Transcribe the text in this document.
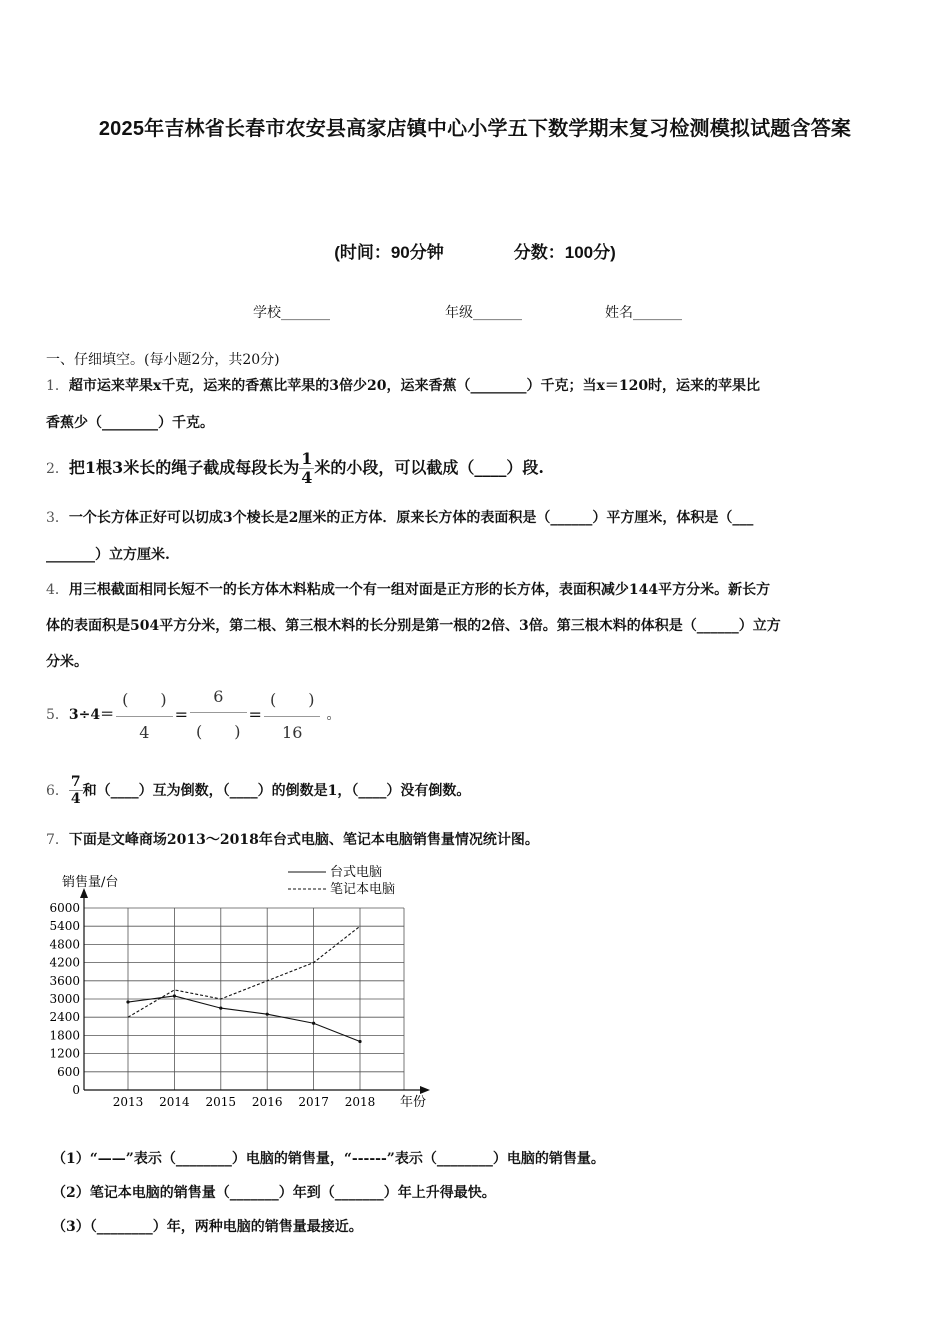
2025年吉林省长春市农安县高家店镇中心小学五下数学期末复习检测模拟试题含答案
(时间：90分钟	分数：100分)
学校_______	年级_______	姓名_______
一、仔细填空。(每小题2分，共20分)
1．超市运来苹果x千克，运来的香蕉比苹果的3倍少20，运来香蕉（________）千克；当x＝120时，运来的苹果比
香蕉少（________）千克。
2．把1根3米长的绳子截成每段长为 $\frac{1}{4}$ 米的小段，可以截成（____）段.
3．一个长方体正好可以切成3个棱长是2厘米的正方体．原来长方体的表面积是（______）平方厘米，体积是（___
_______）立方厘米.
4．用三根截面相同长短不一的长方体木料粘成一个有一组对面是正方形的长方体，表面积减少144平方分米。新长方
体的表面积是504平方分米，第二根、第三根木料的长分别是第一根的2倍、3倍。第三根木料的体积是（______）立方
分米。
5． $3\div 4= \frac{( )}{4} = \frac{6}{( )} = \frac{( )}{16}$ 。
6． $\frac{7}{4}$ 和（____）互为倒数，（____）的倒数是1，（____）没有倒数。
7．下面是文峰商场2013～2018年台式电脑、笔记本电脑销售量情况统计图。
0
600
1200
1800
2400
3000
3600
4200
4800
5400
6000
2013 2014 2015 2016 2017 2018
台式电脑
笔记本电脑
销售量/台
年份
（1）“——”表示（________）电脑的销售量，“------”表示（________）电脑的销售量。
（2）笔记本电脑的销售量（_______）年到（_______）年上升得最快。
（3）（________）年，两种电脑的销售量最接近。
